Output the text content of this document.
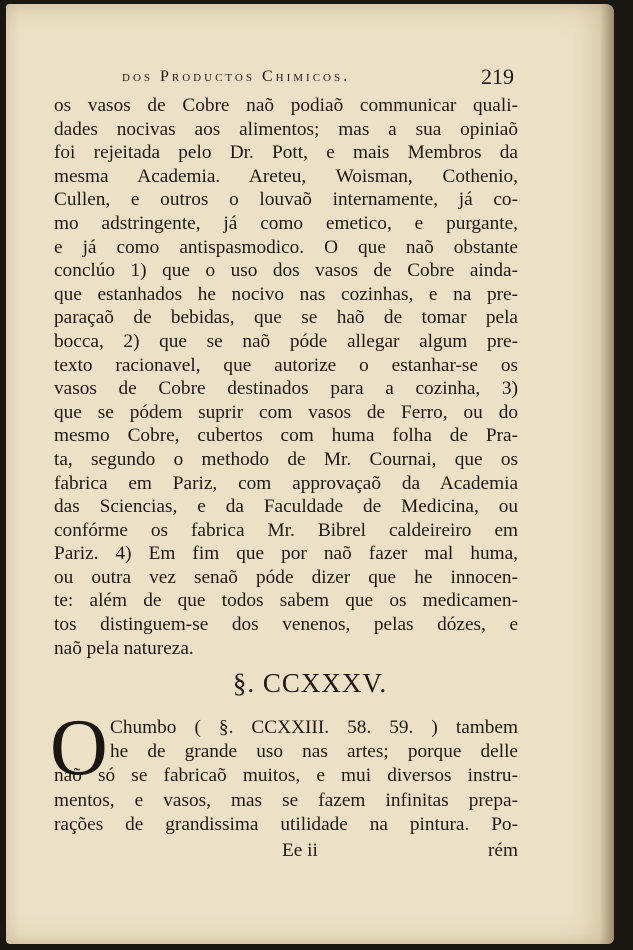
dos Productos Chimicos.	219
os vasos de Cobre naõ podiaõ communicar quali-
dades nocivas aos alimentos; mas a sua opiniaõ
foi rejeitada pelo Dr. Pott, e mais Membros da
mesma Academia. Areteu, Woisman, Cothenio,
Cullen, e outros o louvaõ internamente, já co-
mo adstringente, já como emetico, e purgante,
e já como antispasmodico. O que naõ obstante
conclúo 1) que o uso dos vasos de Cobre ainda-
que estanhados he nocivo nas cozinhas, e na pre-
paraçaõ de bebidas, que se haõ de tomar pela
bocca, 2) que se naõ póde allegar algum pre-
texto racionavel, que autorize o estanhar-se os
vasos de Cobre destinados para a cozinha, 3)
que se pódem suprir com vasos de Ferro, ou do
mesmo Cobre, cubertos com huma folha de Pra-
ta, segundo o methodo de Mr. Cournai, que os
fabrica em Pariz, com approvaçaõ da Academia
das Sciencias, e da Faculdade de Medicina, ou
confórme os fabrica Mr. Bibrel caldeireiro em
Pariz. 4) Em fim que por naõ fazer mal huma,
ou outra vez senaõ póde dizer que he innocen-
te: além de que todos sabem que os medicamen-
tos distinguem-se dos venenos, pelas dózes, e
naõ pela natureza.
§. CCXXXV.
O Chumbo ( §. CCXXIII. 58. 59. ) tambem
he de grande uso nas artes; porque delle
naõ só se fabricaõ muitos, e mui diversos instru-
mentos, e vasos, mas se fazem infinitas prepa-
rações de grandissima utilidade na pintura. Po-
Ee ii	rém
